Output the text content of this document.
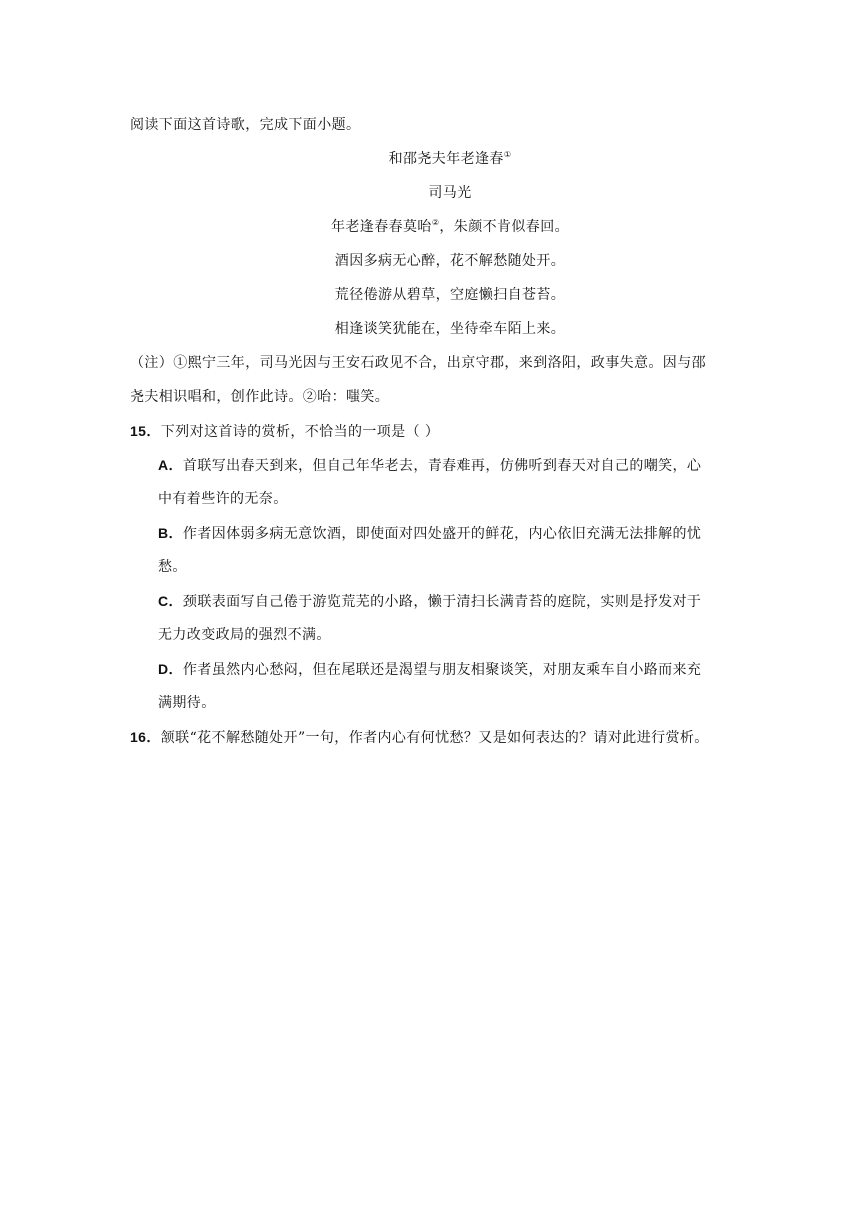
阅读下面这首诗歌，完成下面小题。
和邵尧夫年老逢春①
司马光
年老逢春春莫咍②，朱颜不肯似春回。
酒因多病无心醉，花不解愁随处开。
荒径倦游从碧草，空庭懒扫自苍苔。
相逢谈笑犹能在，坐待牵车陌上来。
（注）①熙宁三年，司马光因与王安石政见不合，出京守郡，来到洛阳，政事失意。因与邵
尧夫相识唱和，创作此诗。②咍：嗤笑。
15．下列对这首诗的赏析，不恰当的一项是（ ）
A．首联写出春天到来，但自己年华老去，青春难再，仿佛听到春天对自己的嘲笑，心
中有着些许的无奈。
B．作者因体弱多病无意饮酒，即使面对四处盛开的鲜花，内心依旧充满无法排解的忧
愁。
C．颈联表面写自己倦于游览荒芜的小路，懒于清扫长满青苔的庭院，实则是抒发对于
无力改变政局的强烈不满。
D．作者虽然内心愁闷，但在尾联还是渴望与朋友相聚谈笑，对朋友乘车自小路而来充
满期待。
16．颔联“花不解愁随处开”一句，作者内心有何忧愁？又是如何表达的？请对此进行赏析。
